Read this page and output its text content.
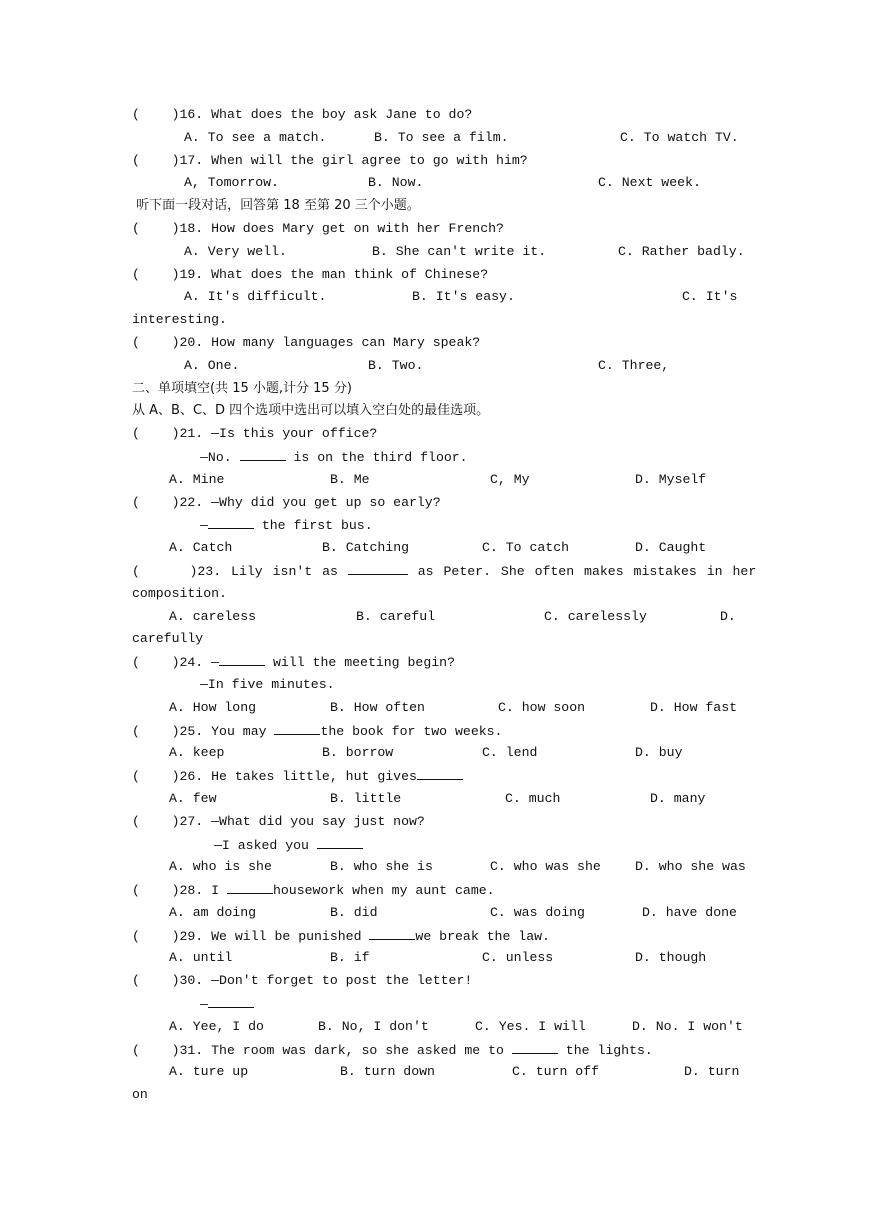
(    )16. What does the boy ask Jane to do?

A. To see a match.

	B. To see a film.

	C. To watch TV.

(    )17. When will the girl agree to go with him?

A, Tomorrow.

	B. Now.

	C. Next week.

听下面一段对话，回答第 18 至第 20 三个小题。

(    )18. How does Mary get on with her French?

A. Very well.

	B. She can't write it.

	C. Rather badly.

(    )19. What does the man think of Chinese?

A. It's difficult.

	B. It's easy.

	C. It's

interesting.

(    )20. How many languages can Mary speak?

A. One.

	B. Two.

	C. Three,

二、单项填空(共 15 小题,计分 15 分)

从 A、B、C、D 四个选项中选出可以填入空白处的最佳选项。

(    )21. —Is this your office?

—No.	is on the third floor.

A. Mine

	B. Me

	C, My

	D. Myself

(    )22. —Why did you get up so early?

—	the first bus.

A. Catch

	B. Catching

	C. To catch

	D. Caught

(     )23. Lily isn't as	as Peter. She often makes mistakes in her

composition.

A. careless

	B. careful

	C. carelessly

	D.

carefully

(    )24. —	will the meeting begin?

—In five minutes.

A. How long

	B. How often

	C. how soon

	D. How fast

(    )25. You may	the book for two weeks.

A. keep

	B. borrow

	C. lend

	D. buy

(    )26. He takes little, hut gives

A. few

	B. little

	C. much

	D. many

(    )27. —What did you say just now?

—I asked you

A. who is she

	B. who she is

	C. who was she

	D. who she was

(    )28. I	housework when my aunt came.

A. am doing

	B. did

	C. was doing

	D. have done

(    )29. We will be punished	we break the law.

A. until

	B. if

	C. unless

	D. though

(    )30. —Don't forget to post the letter!

—

A. Yee, I do

	B. No, I don't

	C. Yes. I will

	D. No. I won't

(    )31. The room was dark, so she asked me to	the lights.

A. ture up

	B. turn down

	C. turn off

	D. turn

on
